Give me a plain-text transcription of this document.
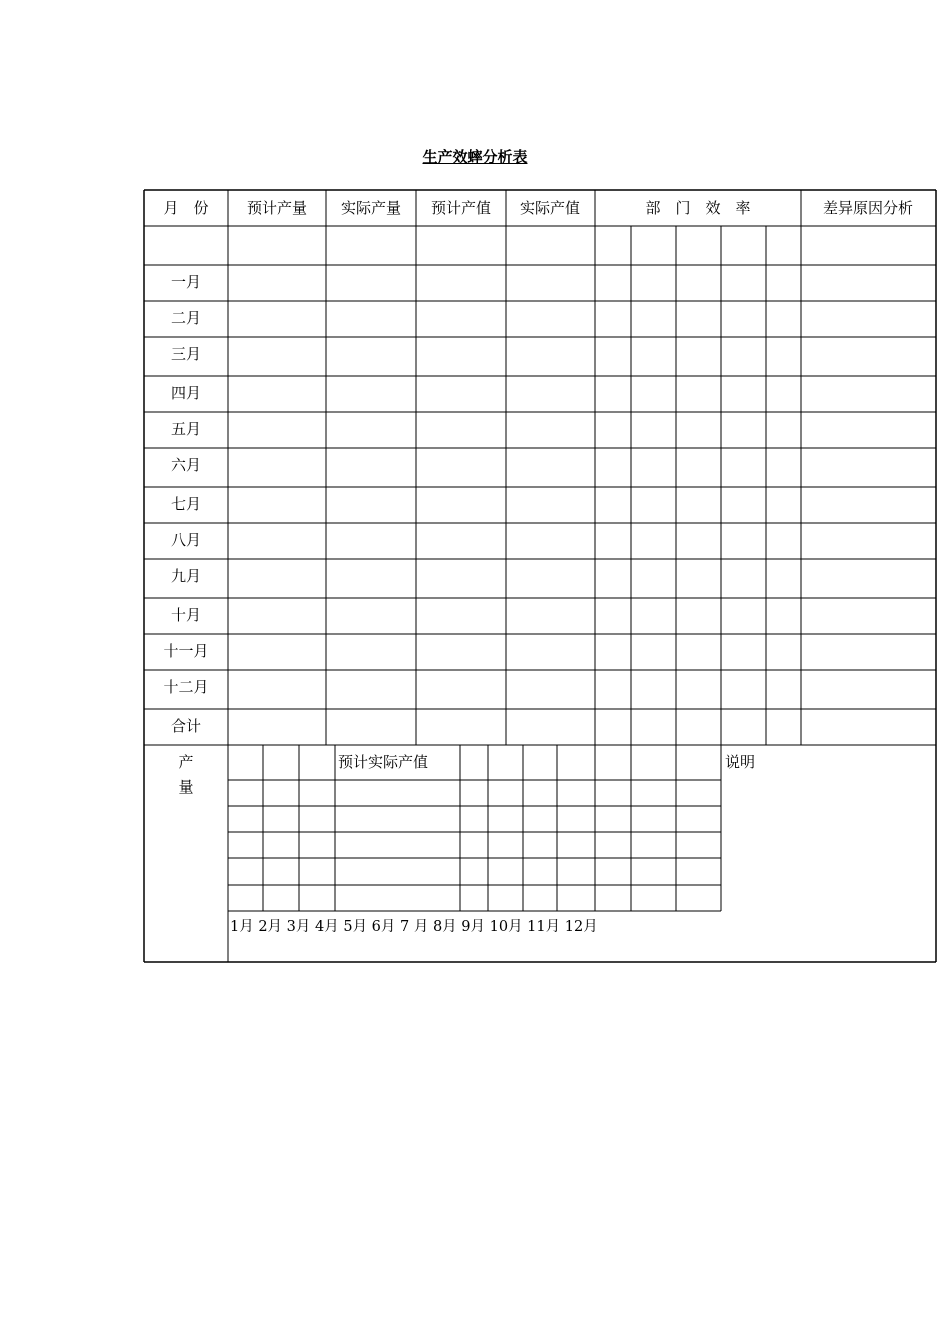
生产效蟀分析表
月　份	预计产量 实际产量 预计产值 实际产值	部　门　效　率	差异原因分析
一月
二月
三月
四月
五月
六月
七月
八月
九月
十月
十一月
十二月
合计
产
量
预计实际产值	说明
1月 2月 3月 4月 5月 6月 7 月 8月 9月 10月 11月 12月
